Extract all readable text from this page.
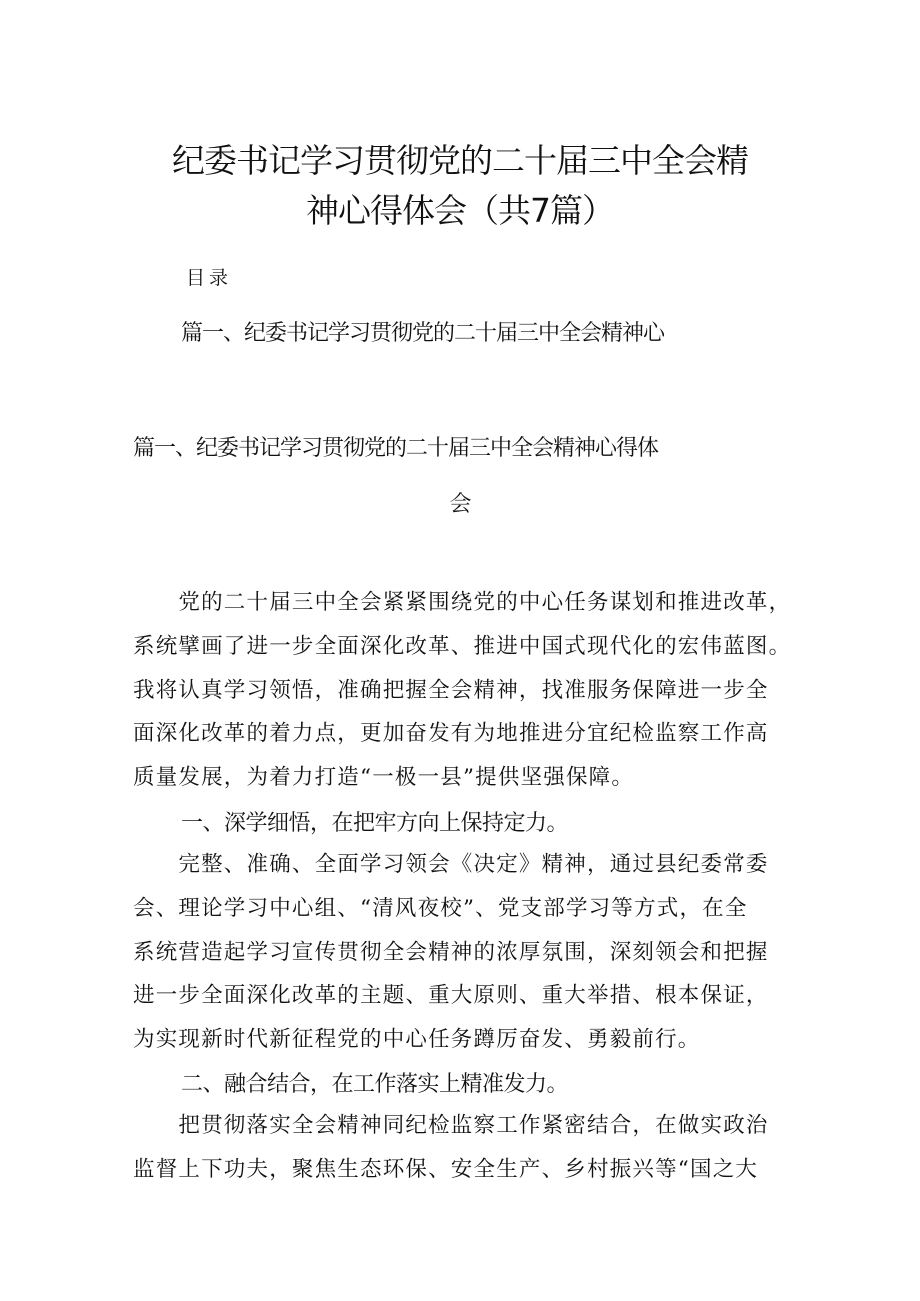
纪委书记学习贯彻党的二十届三中全会精
神心得体会（共7篇）
目录
篇一、纪委书记学习贯彻党的二十届三中全会精神心
篇一、纪委书记学习贯彻党的二十届三中全会精神心得体
会

　　党的二十届三中全会紧紧围绕党的中心任务谋划和推进改革，
系统擘画了进一步全面深化改革、推进中国式现代化的宏伟蓝图。
我将认真学习领悟，准确把握全会精神，找准服务保障进一步全
面深化改革的着力点，更加奋发有为地推进分宜纪检监察工作高
质量发展，为着力打造“一极一县”提供坚强保障。

一、深学细悟，在把牢方向上保持定力。

　　完整、准确、全面学习领会《决定》精神，通过县纪委常委
会、理论学习中心组、“清风夜校”、党支部学习等方式，在全
系统营造起学习宣传贯彻全会精神的浓厚氛围，深刻领会和把握
进一步全面深化改革的主题、重大原则、重大举措、根本保证，
为实现新时代新征程党的中心任务蹲厉奋发、勇毅前行。

二、融合结合，在工作落实上精准发力。

　　把贯彻落实全会精神同纪检监察工作紧密结合，在做实政治
监督上下功夫，聚焦生态环保、安全生产、乡村振兴等“国之大
